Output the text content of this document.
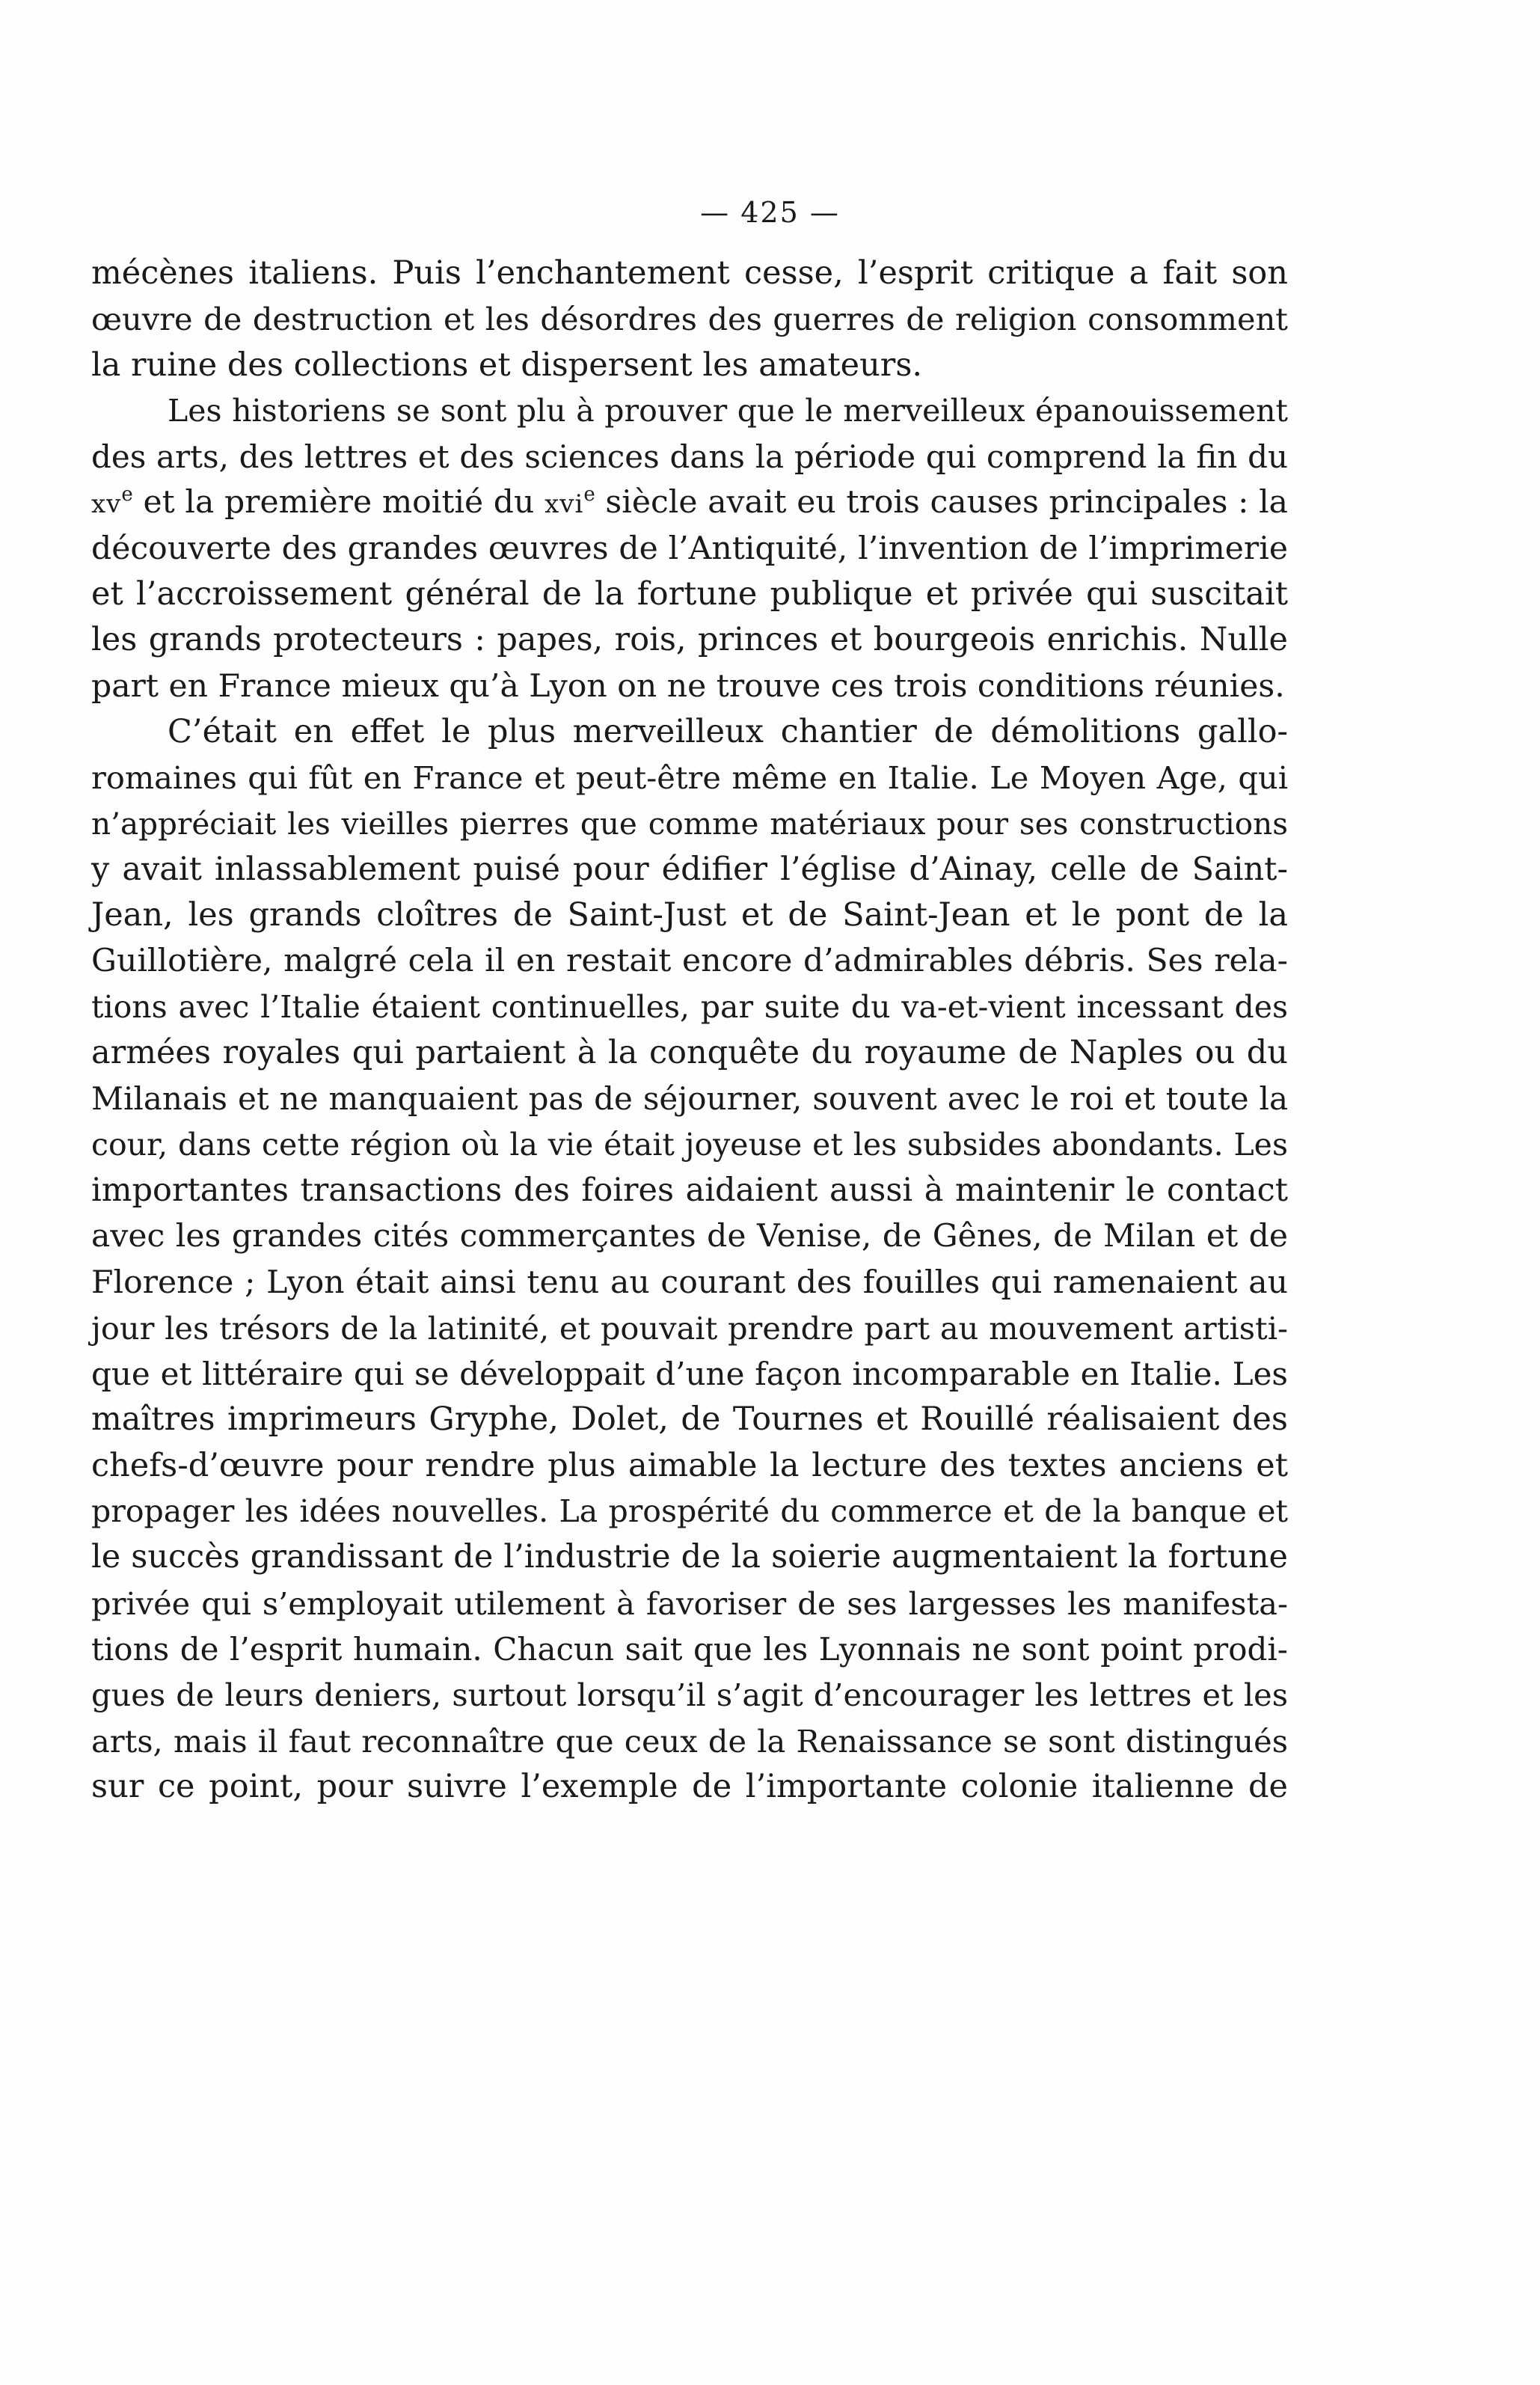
— 425 —
mécènes italiens. Puis l’enchantement cesse, l’esprit critique a fait son
œuvre de destruction et les désordres des guerres de religion consomment
la ruine des collections et dispersent les amateurs.
Les historiens se sont plu à prouver que le merveilleux épanouissement
des arts, des lettres et des sciences dans la période qui comprend la fin du
$xv^e$ et la première moitié du xvi$^e$ siècle avait eu trois causes principales : la
découverte des grandes œuvres de l’Antiquité, l’invention de l’imprimerie
et l’accroissement général de la fortune publique et privée qui suscitait
les grands protecteurs : papes, rois, princes et bourgeois enrichis. Nulle
part en France mieux qu’à Lyon on ne trouve ces trois conditions réunies.
C’était en effet le plus merveilleux chantier de démolitions gallo-
romaines qui fût en France et peut-être même en Italie. Le Moyen Age, qui
n’appréciait les vieilles pierres que comme matériaux pour ses constructions
y avait inlassablement puisé pour édifier l’église d’Ainay, celle de Saint-
Jean, les grands cloîtres de Saint-Just et de Saint-Jean et le pont de la
Guillotière, malgré cela il en restait encore d’admirables débris. Ses rela-
tions avec l’Italie étaient continuelles, par suite du va-et-vient incessant des
armées royales qui partaient à la conquête du royaume de Naples ou du
Milanais et ne manquaient pas de séjourner, souvent avec le roi et toute la
cour, dans cette région où la vie était joyeuse et les subsides abondants. Les
importantes transactions des foires aidaient aussi à maintenir le contact
avec les grandes cités commerçantes de Venise, de Gênes, de Milan et de
Florence ; Lyon était ainsi tenu au courant des fouilles qui ramenaient au
jour les trésors de la latinité, et pouvait prendre part au mouvement artisti-
que et littéraire qui se développait d’une façon incomparable en Italie. Les
maîtres imprimeurs Gryphe, Dolet, de Tournes et Rouillé réalisaient des
chefs-d’œuvre pour rendre plus aimable la lecture des textes anciens et
propager les idées nouvelles. La prospérité du commerce et de la banque et
le succès grandissant de l’industrie de la soierie augmentaient la fortune
privée qui s’employait utilement à favoriser de ses largesses les manifesta-
tions de l’esprit humain. Chacun sait que les Lyonnais ne sont point prodi-
gues de leurs deniers, surtout lorsqu’il s’agit d’encourager les lettres et les
arts, mais il faut reconnaître que ceux de la Renaissance se sont distingués
sur ce point, pour suivre l’exemple de l’importante colonie italienne de
